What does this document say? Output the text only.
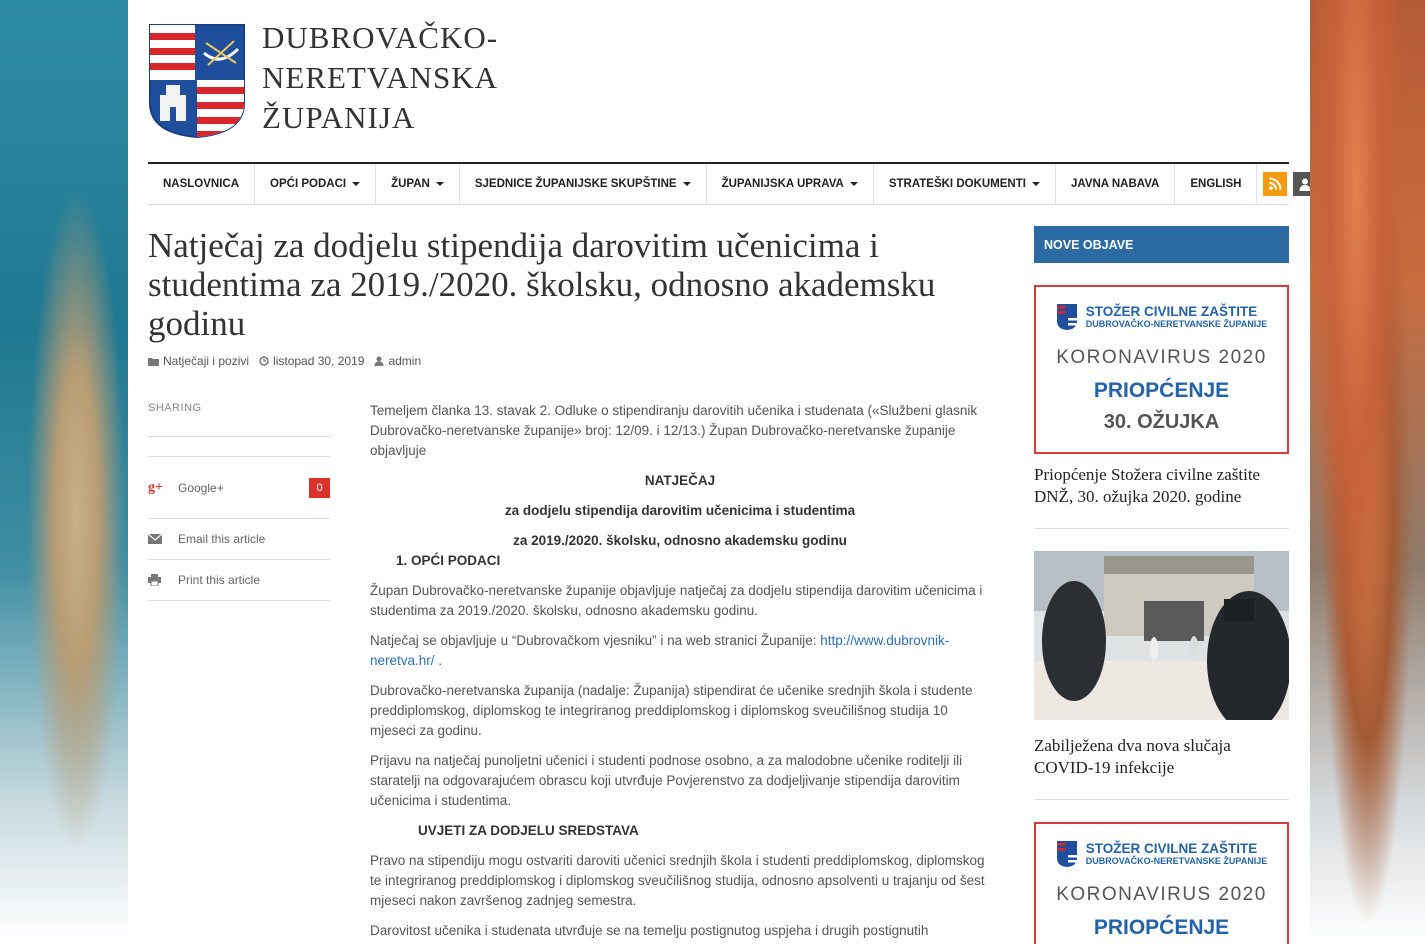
DUBROVAČKO-
NERETVANSKA
ŽUPANIJA
NASLOVNICA	OPĆI PODACI	ŽUPAN	SJEDNICE ŽUPANIJSKE SKUPŠTINE	ŽUPANIJSKA UPRAVA	STRATEŠKI DOKUMENTI	JAVNA NABAVA	ENGLISH
Natječaj za dodjelu stipendija darovitim učenicima i studentima za 2019./2020. školsku, odnosno akademsku godinu
Natječaji i pozivi listopad 30, 2019 admin
SHARING
g+ Google+	0
Email this article
Print this article

Temeljem članka 13. stavak 2. Odluke o stipendiranju darovitih učenika i studenata («Službeni glasnik Dubrovačko-neretvanske županije» broj: 12/09. i 12/13.) Župan Dubrovačko-neretvanske županije objavljuje

NATJEČAJ

za dodjelu stipendija darovitim učenicima i studentima

za 2019./2020. školsku, odnosno akademsku godinu

1. OPĆI PODACI

Župan Dubrovačko-neretvanske županije objavljuje natječaj za dodjelu stipendija darovitim učenicima i studentima za 2019./2020. školsku, odnosno akademsku godinu.

Natječaj se objavljuje u “Dubrovačkom vjesniku” i na web stranici Županije: http://www.dubrovnik-neretva.hr/ .

Dubrovačko-neretvanska županija (nadalje: Županija) stipendirat će učenike srednjih škola i studente preddiplomskog, diplomskog te integriranog preddiplomskog i diplomskog sveučilišnog studija 10 mjeseci za godinu.

Prijavu na natječaj punoljetni učenici i studenti podnose osobno, a za malodobne učenike roditelji ili staratelji na odgovarajućem obrascu koji utvrđuje Povjerenstvo za dodjeljivanje stipendija darovitim učenicima i studentima.

UVJETI ZA DODJELU SREDSTAVA

Pravo na stipendiju mogu ostvariti daroviti učenici srednjih škola i studenti preddiplomskog, diplomskog te integriranog preddiplomskog i diplomskog sveučilišnog studija, odnosno apsolventi u trajanju od šest mjeseci nakon završenog zadnjeg semestra.

Darovitost učenika i studenata utvrđuje se na temelju postignutog uspjeha i drugih postignutih

NOVE OBJAVE
STOŽER CIVILNE ZAŠTITE
DUBROVAČKO-NERETVANSKE ŽUPANIJE
KORONAVIRUS 2020
PRIOPĆENJE
30. OŽUJKA
Priopćenje Stožera civilne zaštite DNŽ, 30. ožujka 2020. godine
Zabilježena dva nova slučaja COVID-19 infekcije
STOŽER CIVILNE ZAŠTITE
DUBROVAČKO-NERETVANSKE ŽUPANIJE
KORONAVIRUS 2020
PRIOPĆENJE
